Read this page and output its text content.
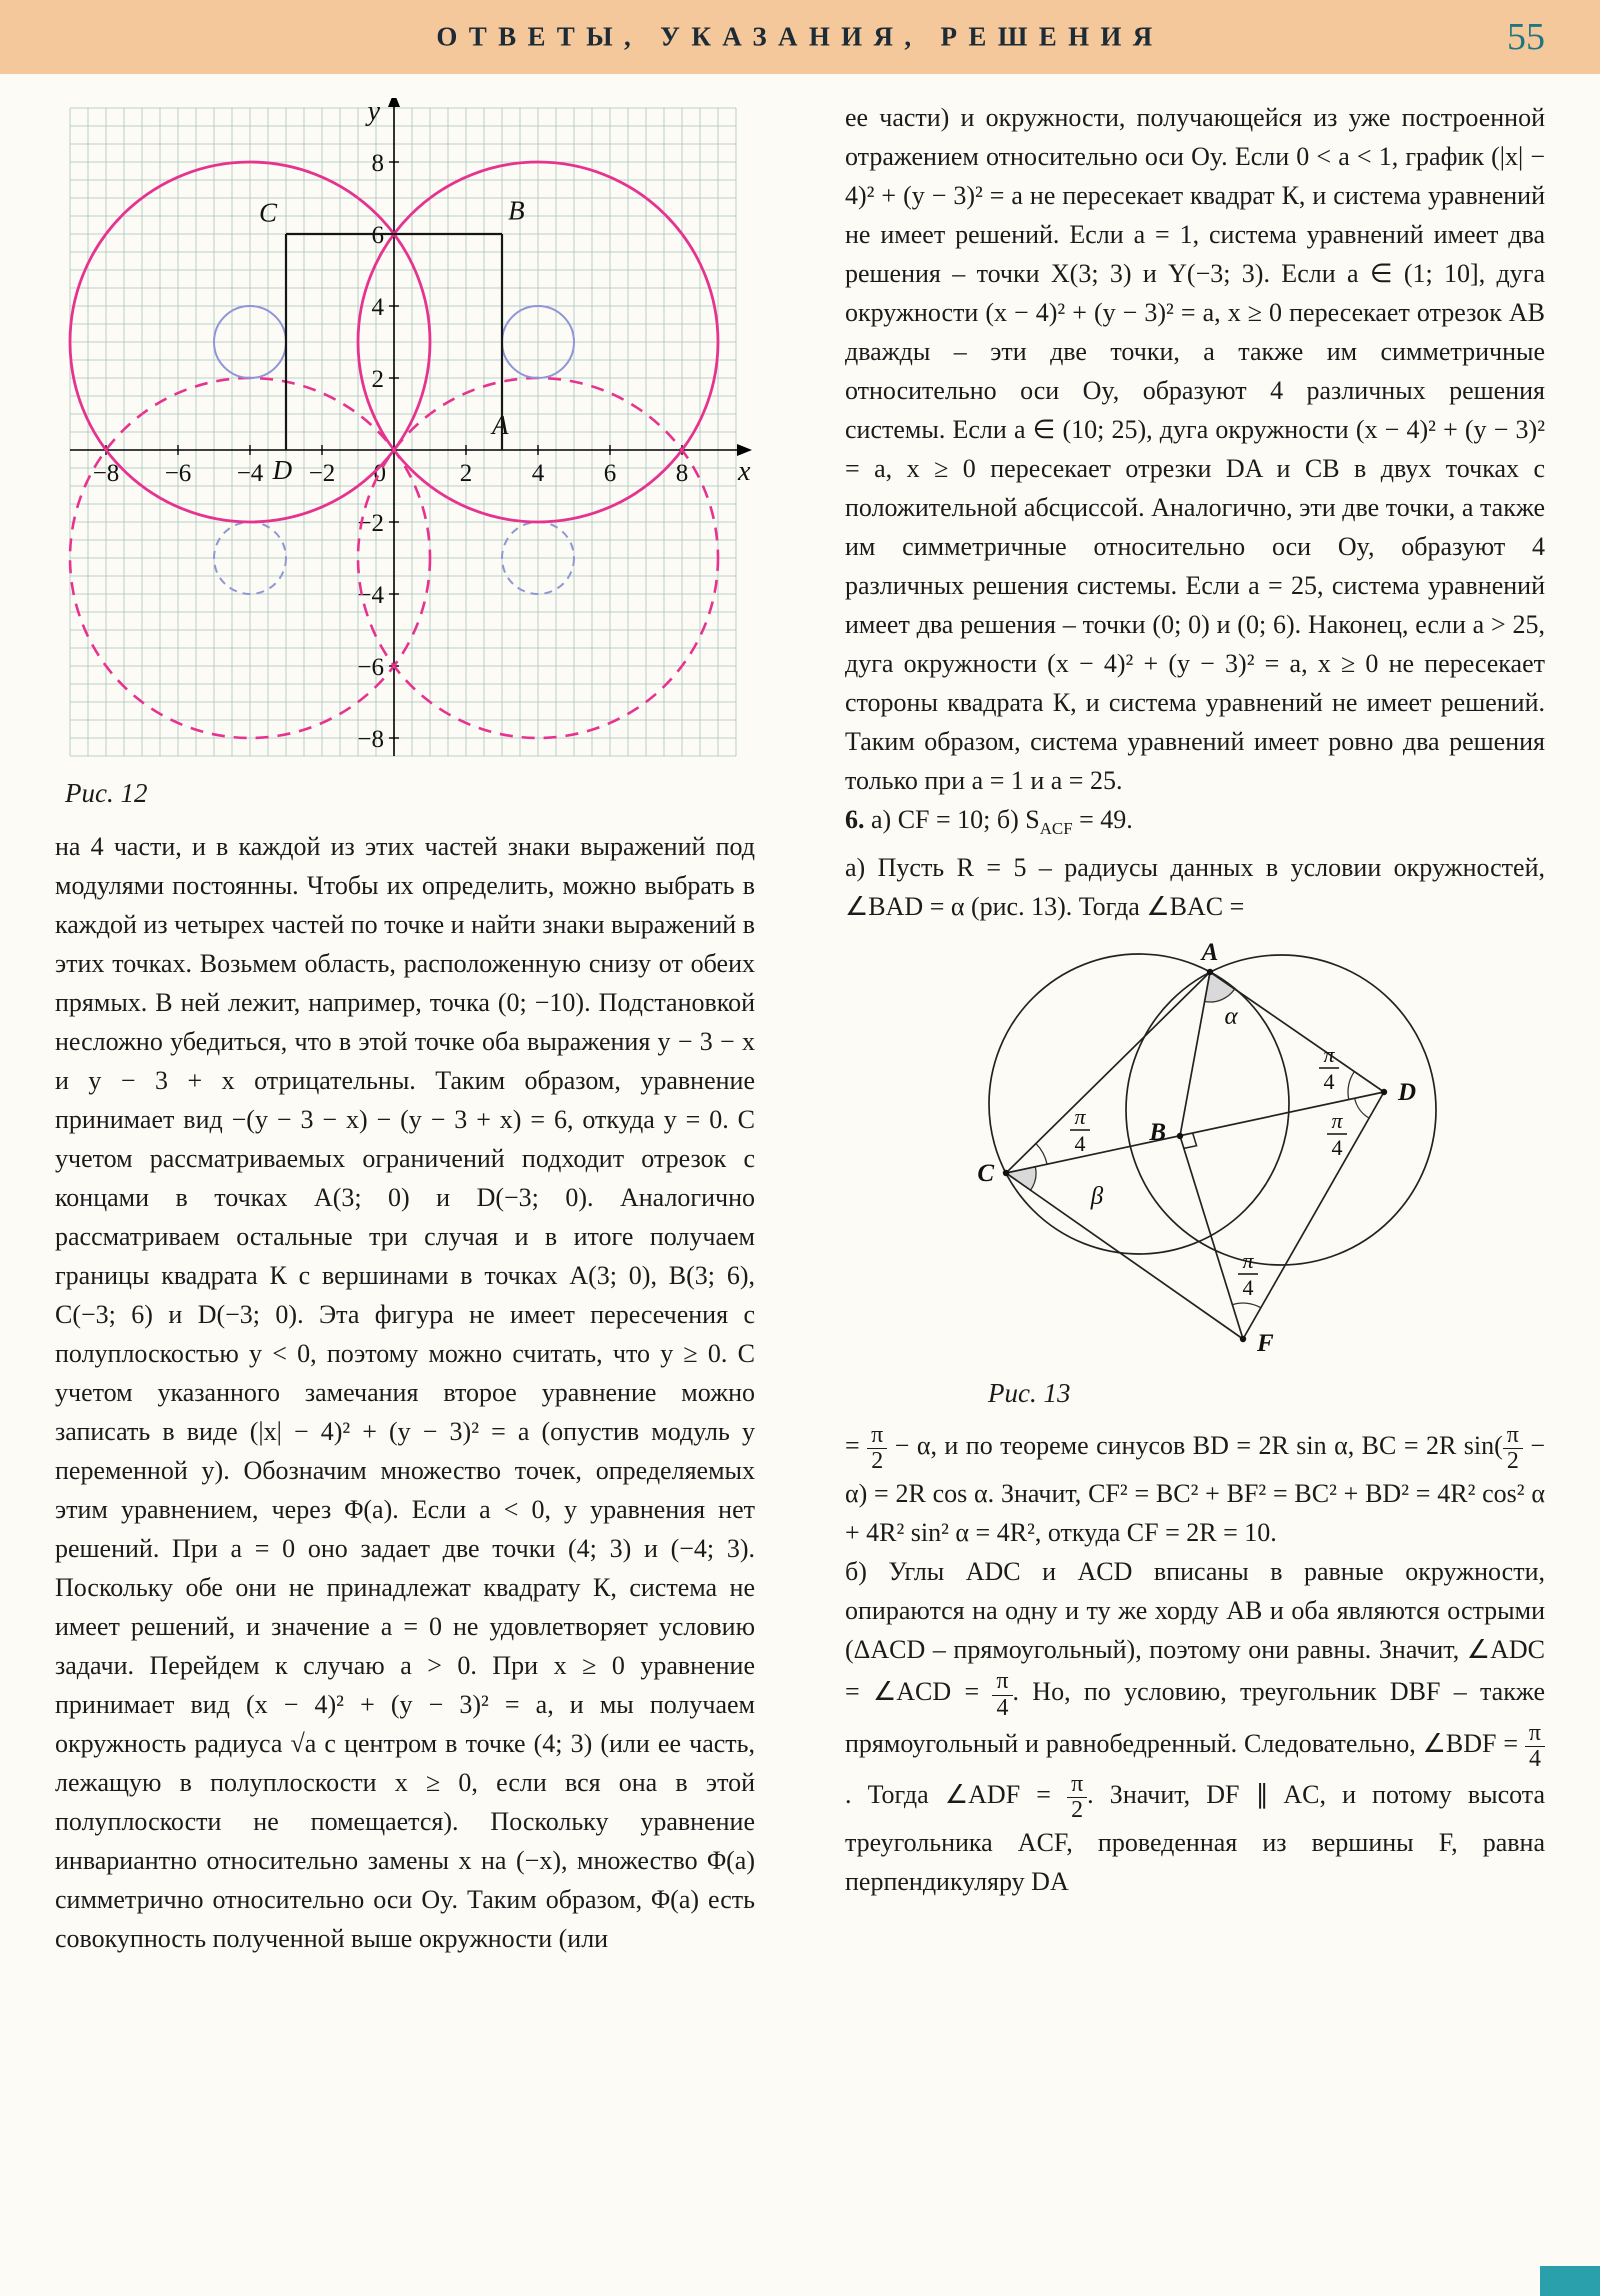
ОТВЕТЫ, УКАЗАНИЯ, РЕШЕНИЯ	55
−8 −6 −4 −2	2 4 6 8
8
6
4
2
−2
−4
−6
−8
0	x
y
C	B
D
A
Рис. 12

на 4 части, и в каждой из этих частей знаки выражений под модулями постоянны. Чтобы их определить, можно выбрать в каждой из четырех частей по точке и найти знаки выражений в этих точках. Возьмем область, расположенную снизу от обеих прямых. В ней лежит, например, точка (0; −10). Подстановкой несложно убедиться, что в этой точке оба выражения y − 3 − x и y − 3 + x отрицательны. Таким образом, уравнение принимает вид −(y − 3 − x) − (y − 3 + x) = 6, откуда y = 0. С учетом рассматриваемых ограничений подходит отрезок с концами в точках A(3; 0) и D(−3; 0). Аналогично рассматриваем остальные три случая и в итоге получаем границы квадрата К с вершинами в точках A(3; 0), B(3; 6), C(−3; 6) и D(−3; 0). Эта фигура не имеет пересечения с полуплоскостью y < 0, поэтому можно считать, что y ≥ 0. С учетом указанного замечания второе уравнение можно записать в виде (|x| − 4)² + (y − 3)² = a (опустив модуль у переменной y). Обозначим множество точек, определяемых этим уравнением, через Φ(a). Если a < 0, у уравнения нет решений. При a = 0 оно задает две точки (4; 3) и (−4; 3). Поскольку обе они не принадлежат квадрату К, система не имеет решений, и значение a = 0 не удовлетворяет условию задачи. Перейдем к случаю a > 0. При x ≥ 0 уравнение принимает вид (x − 4)² + (y − 3)² = a, и мы получаем окружность радиуса √a с центром в точке (4; 3) (или ее часть, лежащую в полуплоскости x ≥ 0, если вся она в этой полуплоскости не помещается). Поскольку уравнение инвариантно относительно замены x на (−x), множество Φ(a) симметрично относительно оси Oy. Таким образом, Φ(a) есть совокупность полученной выше окружности (или

ее части) и окружности, получающейся из уже построенной отражением относительно оси Oy. Если 0 < a < 1, график (|x| − 4)² + (y − 3)² = a не пересекает квадрат К, и система уравнений не имеет решений. Если a = 1, система уравнений имеет два решения – точки X(3; 3) и Y(−3; 3). Если a ∈ (1; 10], дуга окружности (x − 4)² + (y − 3)² = a, x ≥ 0 пересекает отрезок AB дважды – эти две точки, а также им симметричные относительно оси Oy, образуют 4 различных решения системы. Если a ∈ (10; 25), дуга окружности (x − 4)² + (y − 3)² = a, x ≥ 0 пересекает отрезки DA и CB в двух точках с положительной абсциссой. Аналогично, эти две точки, а также им симметричные относительно оси Oy, образуют 4 различных решения системы. Если a = 25, система уравнений имеет два решения – точки (0; 0) и (0; 6). Наконец, если a > 25, дуга окружности (x − 4)² + (y − 3)² = a, x ≥ 0 не пересекает стороны квадрата К, и система уравнений не имеет решений. Таким образом, система уравнений имеет ровно два решения только при a = 1 и a = 25.

6. а) CF = 10; б) $S_{ACF} = 49$.

а) Пусть R = 5 – радиусы данных в условии окружностей, ∠BAD = α (рис. 13). Тогда ∠BAC =

α
β
π
4
π
4
π
4
π
4
A
B
C
D
F
Рис. 13

= $\frac{\pi}{2} - \alpha$, и по теореме синусов BD = 2R sin α, BC = 2R $\sin( \frac{\pi}{2} - \alpha) = 2R$ cos α. Значит, CF² = BC² + BF² = BC² + BD² = 4R² cos² α + 4R² sin² α = 4R², откуда CF = 2R = 10.

б) Углы ADC и ACD вписаны в равные окружности, опираются на одну и ту же хорду AB и оба являются острыми (ΔACD – прямоугольный), поэтому они равны. Значит, ∠ADC = ∠ACD = $\frac{\pi}{4}$ . Но, по условию, треугольник DBF – также прямоугольный и равнобедренный. Следовательно, ∠BDF = $\frac{\pi}{4}$
. Тогда ∠ADF = $\frac{\pi}{2}$ . Значит, DF ∥ AC, и потому высота треугольника ACF, проведенная из вершины F, равна перпендикуляру DA
